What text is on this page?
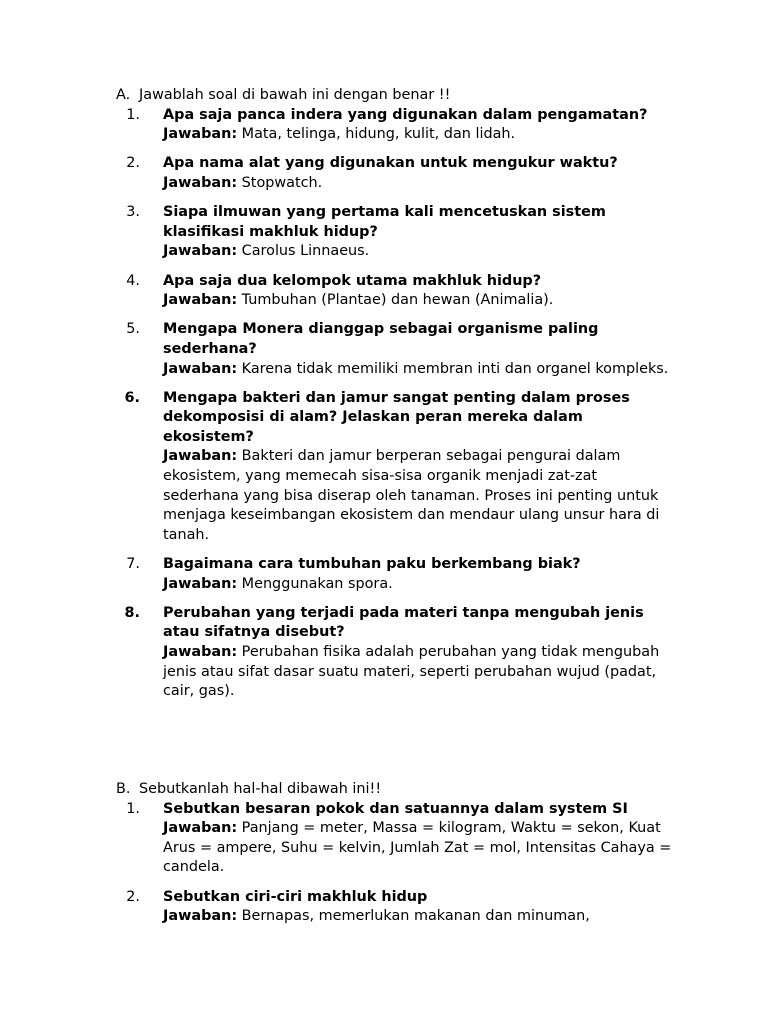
A. Jawablah soal di bawah ini dengan benar !!
1. Apa saja panca indera yang digunakan dalam pengamatan?
Jawaban: Mata, telinga, hidung, kulit, dan lidah.
2. Apa nama alat yang digunakan untuk mengukur waktu?
Jawaban: Stopwatch.
3. Siapa ilmuwan yang pertama kali mencetuskan sistem klasifikasi makhluk hidup?
Jawaban: Carolus Linnaeus.
4. Apa saja dua kelompok utama makhluk hidup?
Jawaban: Tumbuhan (Plantae) dan hewan (Animalia).
5. Mengapa Monera dianggap sebagai organisme paling sederhana?
Jawaban: Karena tidak memiliki membran inti dan organel kompleks.
6. Mengapa bakteri dan jamur sangat penting dalam proses dekomposisi di alam? Jelaskan peran mereka dalam ekosistem?
Jawaban: Bakteri dan jamur berperan sebagai pengurai dalam ekosistem, yang memecah sisa-sisa organik menjadi zat-zat sederhana yang bisa diserap oleh tanaman. Proses ini penting untuk menjaga keseimbangan ekosistem dan mendaur ulang unsur hara di tanah.
7. Bagaimana cara tumbuhan paku berkembang biak?
Jawaban: Menggunakan spora.
8. Perubahan yang terjadi pada materi tanpa mengubah jenis atau sifatnya disebut?
Jawaban: Perubahan fisika adalah perubahan yang tidak mengubah jenis atau sifat dasar suatu materi, seperti perubahan wujud (padat, cair, gas).
B. Sebutkanlah hal-hal dibawah ini!!
1. Sebutkan besaran pokok dan satuannya dalam system SI
Jawaban: Panjang = meter, Massa = kilogram, Waktu = sekon, Kuat Arus = ampere, Suhu = kelvin, Jumlah Zat = mol, Intensitas Cahaya = candela.
2. Sebutkan ciri-ciri makhluk hidup
Jawaban: Bernapas, memerlukan makanan dan minuman,
